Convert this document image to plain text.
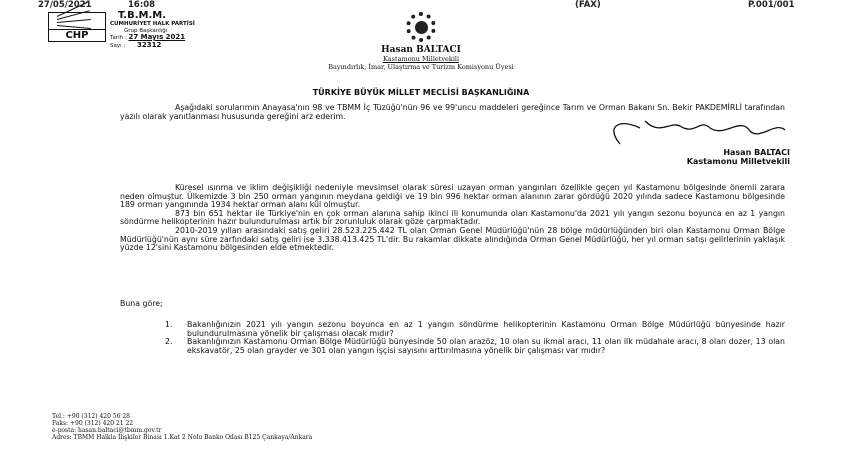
27/05/2021	16:08	(FAX)	P.001/001
CHP
T.B.M.M.
CUMHURİYET HALK PARTİSİ
Grup Başkanlığı
Tarih : 27 Mayıs 2021
Sayı : 32312
Hasan BALTACI
Kastamonu Milletvekili
Bayındırlık, İmar, Ulaştırma ve Turizm Komisyonu Üyesi
TÜRKİYE BÜYÜK MİLLET MECLİSİ BAŞKANLIĞINA
Aşağıdaki sorularımın Anayasa'nın 98 ve TBMM İç Tüzüğü'nün 96 ve 99'uncu maddeleri gereğince Tarım ve Orman Bakanı Sn. Bekir PAKDEMİRLİ tarafından yazılı olarak yanıtlanması hususunda gereğini arz ederim.
Hasan BALTACI
Kastamonu Milletvekili
Küresel ısınma ve iklim değişikliği nedeniyle mevsimsel olarak süresi uzayan orman yangınları özellikle geçen yıl Kastamonu bölgesinde önemli zarara neden olmuştur. Ülkemizde 3 bin 250 orman yangının meydana geldiği ve 19 bin 996 hektar orman alanının zarar gördüğü 2020 yılında sadece Kastamonu bölgesinde 189 orman yangınında 1934 hektar orman alanı kül olmuştur.
873 bin 651 hektar ile Türkiye'nin en çok orman alanına sahip ikinci ili konumunda olan Kastamonu'da 2021 yılı yangın sezonu boyunca en az 1 yangın söndürme helikopterinin hazır bulundurulması artık bir zorunluluk olarak göze çarpmaktadır.
2010-2019 yılları arasındaki satış geliri 28.523.225.442 TL olan Orman Genel Müdürlüğü'nün 28 bölge müdürlüğünden biri olan Kastamonu Orman Bölge Müdürlüğü'nün aynı süre zarfındaki satış geliri ise 3.338.413.425 TL'dir. Bu rakamlar dikkate alındığında Orman Genel Müdürlüğü, her yıl orman satışı gelirlerinin yaklaşık yüzde 12'sini Kastamonu bölgesinden elde etmektedir.
Buna göre;
1.	Bakanlığınızın 2021 yılı yangın sezonu boyunca en az 1 yangın söndürme helikopterinin Kastamonu Orman Bölge Müdürlüğü bünyesinde hazır bulundurulmasına yönelik bir çalışması olacak mıdır?
2.	Bakanlığınızın Kastamonu Orman Bölge Müdürlüğü bünyesinde 50 olan arazöz, 10 olan su ikmal aracı, 11 olan ilk müdahale aracı, 8 olan dozer, 13 olan ekskavatör, 25 olan grayder ve 301 olan yangın işçisi sayısını arttırılmasına yönelik bir çalışması var mıdır?
Tel.: +90 (312) 420 56 28
Faks: +90 (312) 420 21 22
e-posta: hasan.baltaci@tbmm.gov.tr
Adres: TBMM Halkla İlişkiler Binası 1.Kat 2 Nolu Banko Odası B125 Çankaya/Ankara
